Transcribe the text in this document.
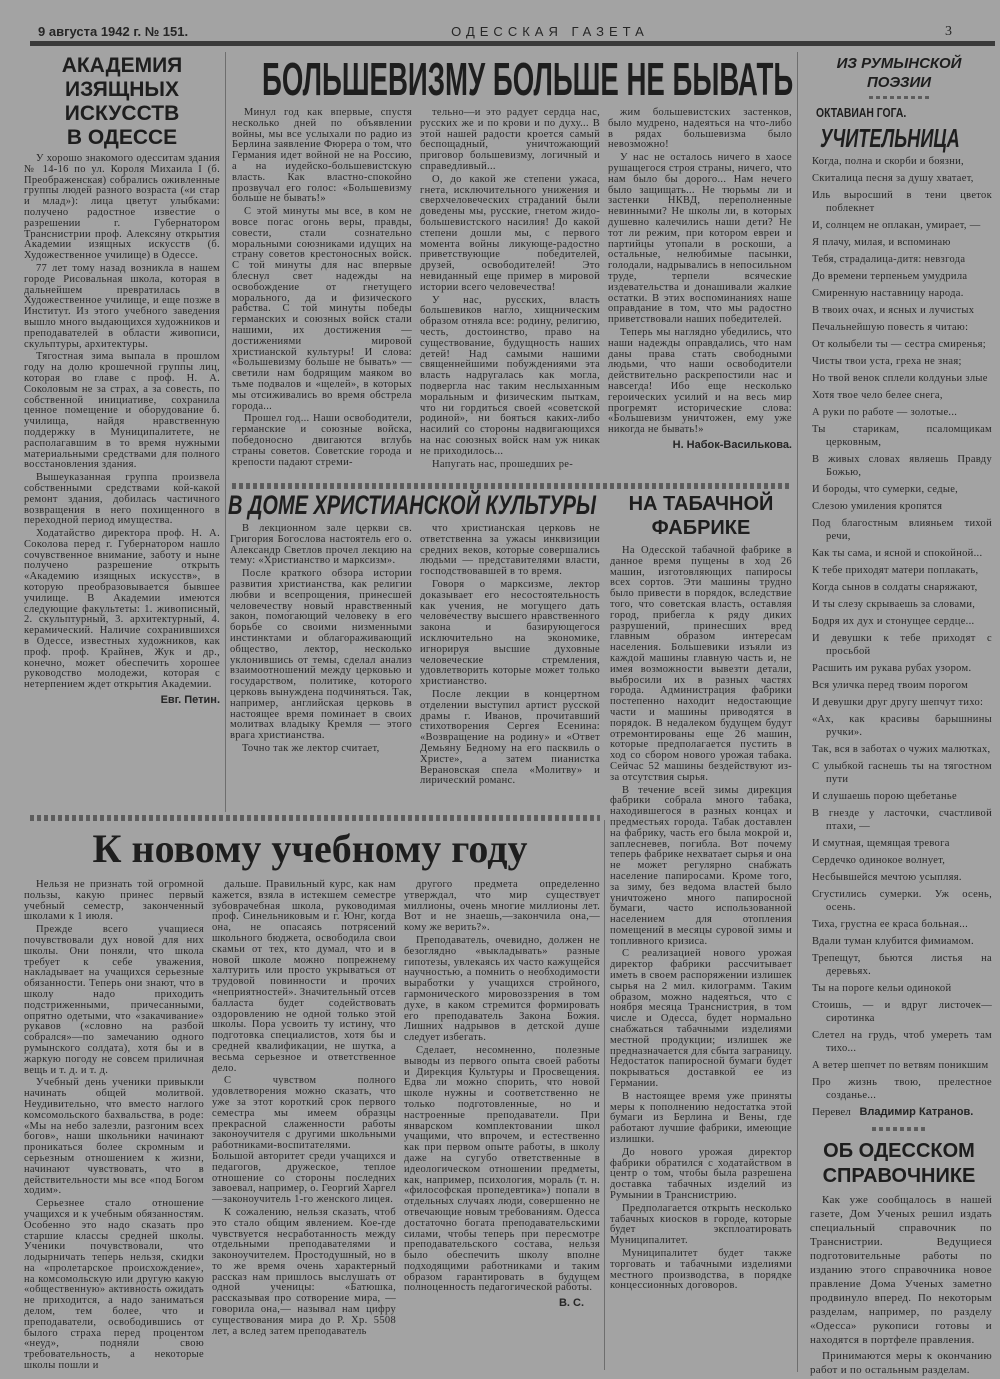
9 августа 1942 г. № 151.	ОДЕССКАЯ ГАЗЕТА	3
АКАДЕМИЯ
ИЗЯЩНЫХ ИСКУССТВ
В ОДЕССЕ

У хорошо знакомого одесситам здания № 14-16 по ул. Короля Михаила I (б. Преображенская) собрались оживленные группы людей разного возраста («и стар и млад»): лица цветут улыбками: получено радостное известие о разрешении г. Губернатором Транснистрии проф. Алексяну открытия Академии изящных искусств (б. Художественное училище) в Одессе.

77 лет тому назад возникла в нашем городе Рисовальная школа, которая в дальнейшем превратилась в Художественное училище, и еще позже в Институт. Из этого учебного заведения вышло много выдающихся художников и преподавателей в области живописи, скульптуры, архитектуры.

Тягостная зима выпала в прошлом году на долю крошечной группы лиц, которая во главе с проф. Н. А. Соколовым не за страх, а за совесть, по собственной инициативе, сохранила ценное помещение и оборудование б. училища, найдя нравственную поддержку в Муниципалитете, не располагавшим в то время нужными материальными средствами для полного восстановления здания.

Вышеуказанная группа произвела собственными средствами кой-какой ремонт здания, добилась частичного возвращения в него похищенного в переходной период имущества.

Ходатайство директора проф. Н. А. Соколова перед г. Губернатором нашло сочувственное внимание, заботу и ныне получено разрешение открыть «Академию изящных искусств», в которую преобразовывается бывшее училище. В Академии имеются следующие факультеты: 1. живописный, 2. скульптурный, 3. архитектурный, 4. керамический. Наличие сохранившихся в Одессе, известных художников, как проф. проф. Крайнев, Жук и др., конечно, может обеспечить хорошее руководство молодежи, которая с нетерпением ждет открытия Академии.

Евг. Петин.
БОЛЬШЕВИЗМУ БОЛЬШЕ НЕ БЫВАТЬ

Минул год как впервые, спустя несколько дней по объявлении войны, мы все услыхали по радио из Берлина заявление Фюрера о том, что Германия идет войной не на Россию, а на иудейско-большевистскую власть. Как властно-спокойно прозвучал его голос: «Большевизму больше не бывать!»

С этой минуты мы все, в ком не вовсе погас огонь веры, правды, совести, стали сознательно моральными союзниками идущих на страну советов крестоносных войск. С той минуты для нас впервые блеснул свет надежды на освобождение от гнетущего морального, да и физического рабства. С той минуты победы германских и союзных войск стали нашими, их достижения — достижениями мировой христианской культуры! И слова: «Большевизму больше не бывать» — светили нам бодрящим маяком во тьме подвалов и «щелей», в которых мы отсиживались во время обстрела города...

Прошел год... Наши освободители, германские и союзные войска, победоносно двигаются вглубь страны советов. Советские города и крепости падают стреми-

тельно—и это радует сердца нас, русских же и по крови и по духу... В этой нашей радости кроется самый беспощадный, уничтожающий приговор большевизму, логичный и справедливый...

О, до какой же степени ужаса, гнета, исключительного унижения и сверхчеловеческих страданий были доведены мы, русские, гнетом жидо-большевистского насилия! До какой степени дошли мы, с первого момента войны ликующе-радостно приветствующие победителей, друзей, освободителей! Это невиданный еще пример в мировой истории всего человечества!

У нас, русских, власть большевиков нагло, хищническим образом отняла все: родину, религию, честь, достоинство, право на существование, будущность наших детей! Над самыми нашими священнейшими побуждениями эта власть надругалась как могла, подвергла нас таким неслыханным моральным и физическим пыткам, что ни гордиться своей «советской родиной», ни бояться каких-либо насилий со стороны надвигающихся на нас союзных войск нам уж никак не приходилось...

Напугать нас, прошедших ре-

жим большевистских застенков, было мудрено, надеяться на что-либо в рядах большевизма было невозможно!

У нас не осталось ничего в хаосе рушащегося строя страны, ничего, что нам было бы дорого... Нам нечего было защищать... Не тюрьмы ли и застенки НКВД, переполненные невинными? Не школы ли, в которых душевно калечились наши дети? Не тот ли режим, при котором евреи и партийцы утопали в роскоши, а остальные, нелюбимые пасынки, голодали, надрывались в непосильном труде, терпели всяческие издевательства и донашивали жалкие остатки. В этих воспоминаниях наше оправдание в том, что мы радостно приветствовали наших победителей.

Теперь мы наглядно убедились, что наши надежды оправдались, что нам даны права стать свободными людьми, что наши освободители действительно раскрепостили нас и навсегда! Ибо еще несколько героических усилий и на весь мир прогремят исторические слова: «Большевизм уничтожен, ему уже никогда не бывать!»

Н. Набок-Василькова.
В ДОМЕ ХРИСТИАНСКОЙ КУЛЬТУРЫ

В лекционном зале церкви св. Григория Богослова настоятель его о. Александр Светлов прочел лекцию на тему: «Христианство и марксизм».

После краткого обзора истории развития христианства, как религии любви и всепрощения, принесшей человечеству новый нравственный закон, помогающий человеку в его борьбе со своими низменными инстинктами и облагораживающий общество, лектор, несколько уклонившись от темы, сделал анализ взаимоотношений между церковью и государством, политике, которого церковь вынуждена подчиняться. Так, например, английская церковь в настоящее время поминает в своих молитвах владыку Кремля — этого врага христианства.

Точно так же лектор считает,

что христианская церковь не ответственна за ужасы инквизиции средних веков, которые совершались людьми — представителями власти, господствовавшей в то время.

Говоря о марксизме, лектор доказывает его несостоятельность как учения, не могущего дать человечеству высшего нравственного закона и базирующегося исключительно на экономике, игнорируя высшие духовные человеческие стремления, удовлетворить которые может только христианство.

После лекции в концертном отделении выступил артист русской драмы г. Иванов, прочитавший стихотворения Сергея Есенина: «Возвращение на родину» и «Ответ Демьяну Бедному на его пасквиль о Христе», а затем пианистка Верановская спела «Молитву» и лирический романс.

НА ТАБАЧНОЙ
ФАБРИКЕ

На Одесской табачной фабрике в данное время пущены в ход 26 машин, изготовляющих папиросы всех сортов. Эти машины трудно было привести в порядок, вследствие того, что советская власть, оставляя город, прибегла к ряду диких разрушений, принесших вред главным образом интересам населения. Большевики изъяли из каждой машины главную часть и, не имея возможности вывезти детали, выбросили их в разных частях города. Администрация фабрики постепенно находит недостающие части и машины приводятся в порядок. В недалеком будущем будут отремонтированы еще 26 машин, которые предполагается пустить в ход со сбором нового урожая табака. Сейчас 52 машины бездействуют из-за отсутствия сырья.

В течение всей зимы дирекция фабрики собрала много табака, находившегося в разных концах и предместьях города. Табак доставлен на фабрику, часть его была мокрой и, заплесневев, погибла. Вот почему теперь фабрике нехватает сырья и она не может регулярно снабжать население папиросами. Кроме того, за зиму, без ведома властей было уничтожено много папиросной бумаги, часто использованной населением для отопления помещений в месяцы суровой зимы и топливного кризиса.

С реализацией нового урожая директор фабрики рассчитывает иметь в своем распоряжении излишек сырья на 2 мил. килограмм. Таким образом, можно надеяться, что с ноября месяца Транснистрия, в том числе и Одесса, будет нормально снабжаться табачными изделиями местной продукции; излишек же предназначается для сбыта заграницу. Недостаток папиросной бумаги будет покрываться доставкой ее из Германии.

В настоящее время уже приняты меры к пополнению недостатка этой бумаги из Берлина и Вены, где работают лучшие фабрики, имеющие излишки.

До нового урожая директор фабрики обратился с ходатайством в центр о том, чтобы была разрешена доставка табачных изделий из Румынии в Транснистрию.

Предполагается открыть несколько табачных киосков в городе, которые будет эксплоатировать Муниципалитет.

Муниципалитет будет также торговать и табачными изделиями местного производства, в порядке концессионных договоров.

ИЗ РУМЫНСКОЙ
ПОЭЗИИ
ОКТАВИАН ГОГА.
УЧИТЕЛЬНИЦА
Когда, полна и скорби и боязни,
Скиталица песня за душу хватает,
Иль выросший в тени цветок поблекнет
И, солнцем не оплакан, умирает, —
Я плачу, милая, и вспоминаю
Тебя, страдалица-дитя: невзгода
До времени терпеньем умудрила
Смиренную наставницу народа.
В твоих очах, и ясных и лучистых
Печальнейшую повесть я читаю:
От колыбели ты — сестра смиренья;
Чисты твои уста, греха не зная;
Но твой венок сплели колдуньи злые
Хотя твое чело белее снега,
А руки по работе — золотые...
Ты старикам, псаломщикам церковным,
В живых словах являешь Правду Божью,
И бороды, что сумерки, седые,
Слезою умиления кропятся
Под благостным влияньем тихой речи,
Как ты сама, и ясной и спокойной...
К тебе приходят матери поплакать,
Когда сынов в солдаты снаряжают,
И ты слезу скрываешь за словами,
Бодря их дух и стонущее сердце...
И девушки к тебе приходят с просьбой
Расшить им рукава рубах узором.
Вся уличка перед твоим порогом
И девушки друг другу шепчут тихо:
«Ах, как красивы барышнины ручки».
Так, вся в заботах о чужих малютках,
С улыбкой гаснешь ты на тягостном пути
И слушаешь порою щебетанье
В гнезде у ласточки, счастливой птахи, —
И смутная, щемящая тревога
Сердечко одинокое волнует,
Несбывшейся мечтою усыпляя.
Сгустились сумерки. Уж осень, осень.
Тиха, грустна ее краса больная...
Вдали туман клубится фимиамом.
Трепещут, бьются листья на деревьях.
Ты на пороге кельи одинокой
Стоишь, — и вдруг листочек—сиротинка
Слетел на грудь, чтоб умереть там тихо...
А ветер шепчет по ветвям поникшим
Про жизнь твою, прелестное созданье...
Перевел Владимир Катранов.
ОБ ОДЕССКОМ
СПРАВОЧНИКЕ

Как уже сообщалось в нашей газете, Дом Ученых решил издать специальный справочник по Транснистрии. Ведущиеся подготовительные работы по изданию этого справочника новое правление Дома Ученых заметно продвинуло вперед. По некоторым разделам, например, по разделу «Одесса» рукописи готовы и находятся в портфеле правления.

Принимаются меры к окончанию работ и по остальным разделам.

К новому учебному году

Нельзя не признать той огромной пользы, какую принес первый учебный семестр, законченный школами к 1 июля.

Прежде всего учащиеся почувствовали дух новой для них школы. Они поняли, что школа требует к себе уважения, накладывает на учащихся серьезные обязанности. Теперь они знают, что в школу надо приходить подстриженными, причесанными, опрятно одетыми, что «закачивание» рукавов («словно на разбой собрался»—по замечанию одного румынского солдата), хотя бы и в жаркую погоду не совсем приличная вещь и т. д. и т. д.

Учебный день ученики привыкли начинать общей молитвой. Неудивительно, что вместо наглого комсомольского бахвальства, в роде: «Мы на небо залезли, разгоним всех богов», наши школьники начинают проникаться более скромным и серьезным отношением к жизни, начинают чувствовать, что в действительности мы все «под Богом ходим».

Серьезнее стало отношение учащихся и к учебным обязанностям. Особенно это надо сказать про старшие классы средней школы. Ученики почувствовали, что лодырничать теперь нельзя, скидки на «пролетарское происхождение», на комсомольскую или другую какую «общественную» активность ожидать не приходится, а надо заниматься делом, тем более, что и преподаватели, освободившись от былого страха перед процентом «неуд», подняли свою требовательность, а некоторые школы пошли и

дальше. Правильный курс, как нам кажется, взяла в истекшем семестре зубоврачебная школа, руководимая проф. Синельниковым и г. Юнг, когда она, не опасаясь потрясений школьного бюджета, освободила свои скамьи от тех, кто думал, что и в новой школе можно попрежнему халтурить или просто укрываться от трудовой повинности и прочих «неприятностей». Значительный отсев балласта будет содействовать оздоровлению не одной только этой школы. Пора усвоить ту истину, что подготовка специалистов, хотя бы и средней квалификации, не шутка, а весьма серьезное и ответственное дело.

С чувством полного удовлетворения можно сказать, что уже за этот короткий срок первого семестра мы имеем образцы прекрасной слаженности работы законоучителя с другими школьными работниками-воспитателями. Большой авторитет среди учащихся и педагогов, дружеское, теплое отношение со стороны последних завоевал, например, о. Георгий Харгел—законоучитель 1-го женского лицея.

К сожалению, нельзя сказать, чтоб это стало общим явлением. Кое-где чувствуется несработанность между отдельными преподавателями и законоучителем. Простодушный, но в то же время очень характерный рассказ нам пришлось выслушать от одной ученицы: «Батюшка, рассказывая про сотворение мира, —говорила она,— называл нам цифру существования мира до Р. Хр. 5508 лет, а вслед затем преподаватель

другого предмета определенно утверждал, что мир существует миллионы, очень многие миллионы лет. Вот и не знаешь,—закончила она,— кому же верить?».

Преподаватель, очевидно, должен не безоглядно «выкладывать» разные гипотезы, увлекаясь их часто кажущейся научностью, а помнить о необходимости выработки у учащихся стройного, гармонического мировоззрения в том духе, в каком стремится формировать его преподаватель Закона Божия. Лишних надрывов в детской душе следует избегать.

Сделает, несомненно, полезные выводы из первого опыта своей работы и Дирекция Культуры и Просвещения. Едва ли можно спорить, что новой школе нужны и соответственно не только подготовленные, но и настроенные преподаватели. При январском комплектовании школ учащими, что впрочем, и естественно как при первом опыте работы, в школу даже на сугубо ответственные в идеологическом отношении предметы, как, например, психология, мораль (т. н. «философская пропедевтика») попали в отдельных случаях люди, совершенно не отвечающие новым требованиям. Одесса достаточно богата преподавательскими силами, чтобы теперь при пересмотре преподавательского состава, нельзя было обеспечить школу вполне подходящими работниками и таким образом гарантировать в будущем полноценность педагогической работы.

В. С.
